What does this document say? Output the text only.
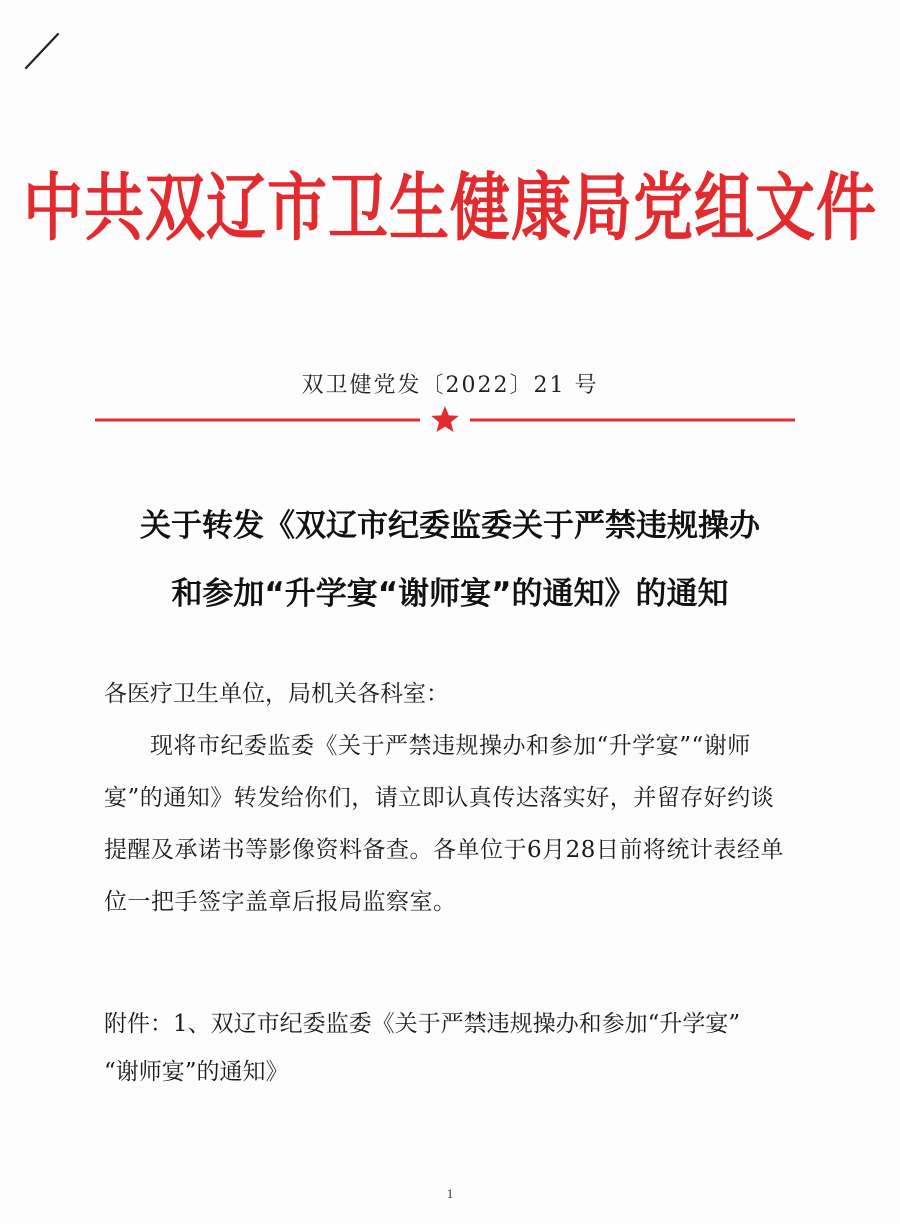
中共双辽市卫生健康局党组文件
双卫健党发〔2022〕21 号
关于转发《双辽市纪委监委关于严禁违规操办
和参加“升学宴“谢师宴”的通知》的通知
各医疗卫生单位，局机关各科室：

现将市纪委监委《关于严禁违规操办和参加“升学宴”“谢师宴”的通知》转发给你们，请立即认真传达落实好，并留存好约谈提醒及承诺书等影像资料备查。各单位于6月28日前将统计表经单位一把手签字盖章后报局监察室。

附件：1、双辽市纪委监委《关于严禁违规操办和参加“升学宴”
“谢师宴”的通知》
1
